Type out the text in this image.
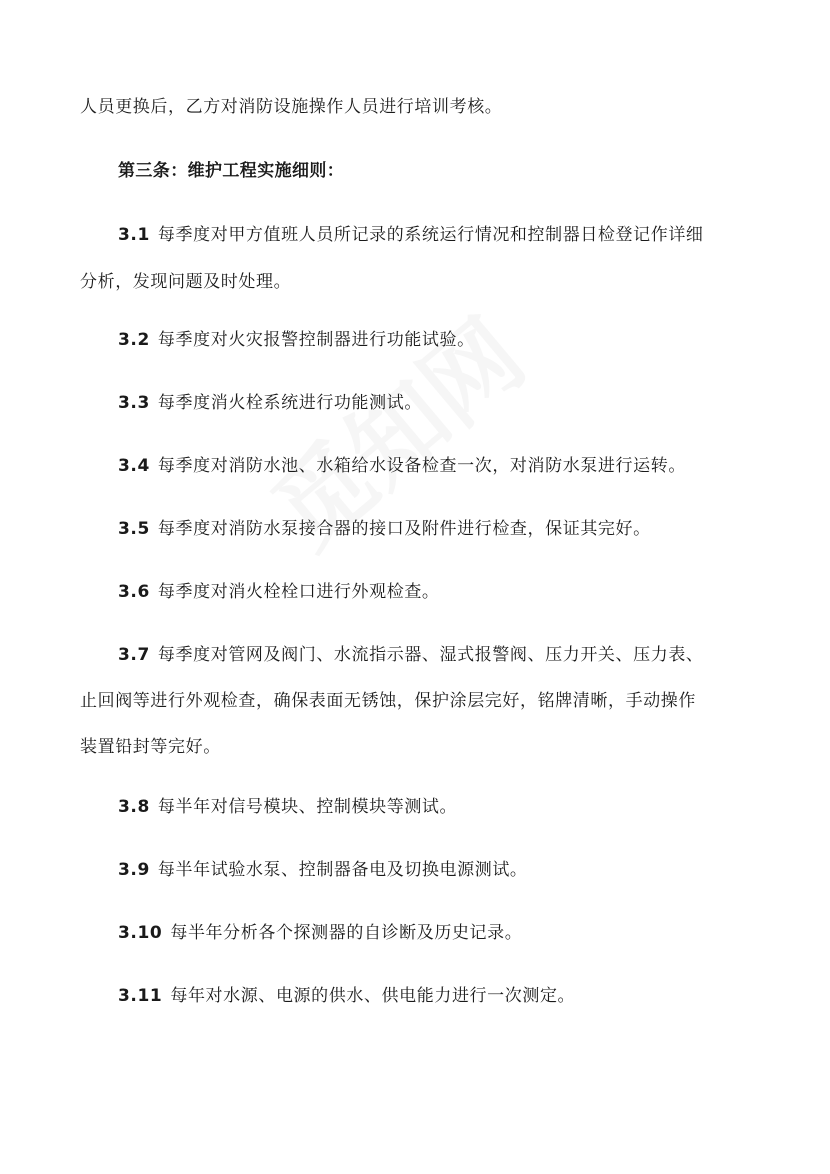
人员更换后，乙方对消防设施操作人员进行培训考核。
第三条：维护工程实施细则：
3.1 每季度对甲方值班人员所记录的系统运行情况和控制器日检登记作详细
分析，发现问题及时处理。
3.2 每季度对火灾报警控制器进行功能试验。
3.3 每季度消火栓系统进行功能测试。
3.4 每季度对消防水池、水箱给水设备检查一次，对消防水泵进行运转。
3.5 每季度对消防水泵接合器的接口及附件进行检查，保证其完好。
3.6 每季度对消火栓栓口进行外观检查。
3.7 每季度对管网及阀门、水流指示器、湿式报警阀、压力开关、压力表、
止回阀等进行外观检查，确保表面无锈蚀，保护涂层完好，铭牌清晰，手动操作
装置铅封等完好。
3.8 每半年对信号模块、控制模块等测试。
3.9 每半年试验水泵、控制器备电及切换电源测试。
3.10 每半年分析各个探测器的自诊断及历史记录。
3.11 每年对水源、电源的供水、供电能力进行一次测定。
